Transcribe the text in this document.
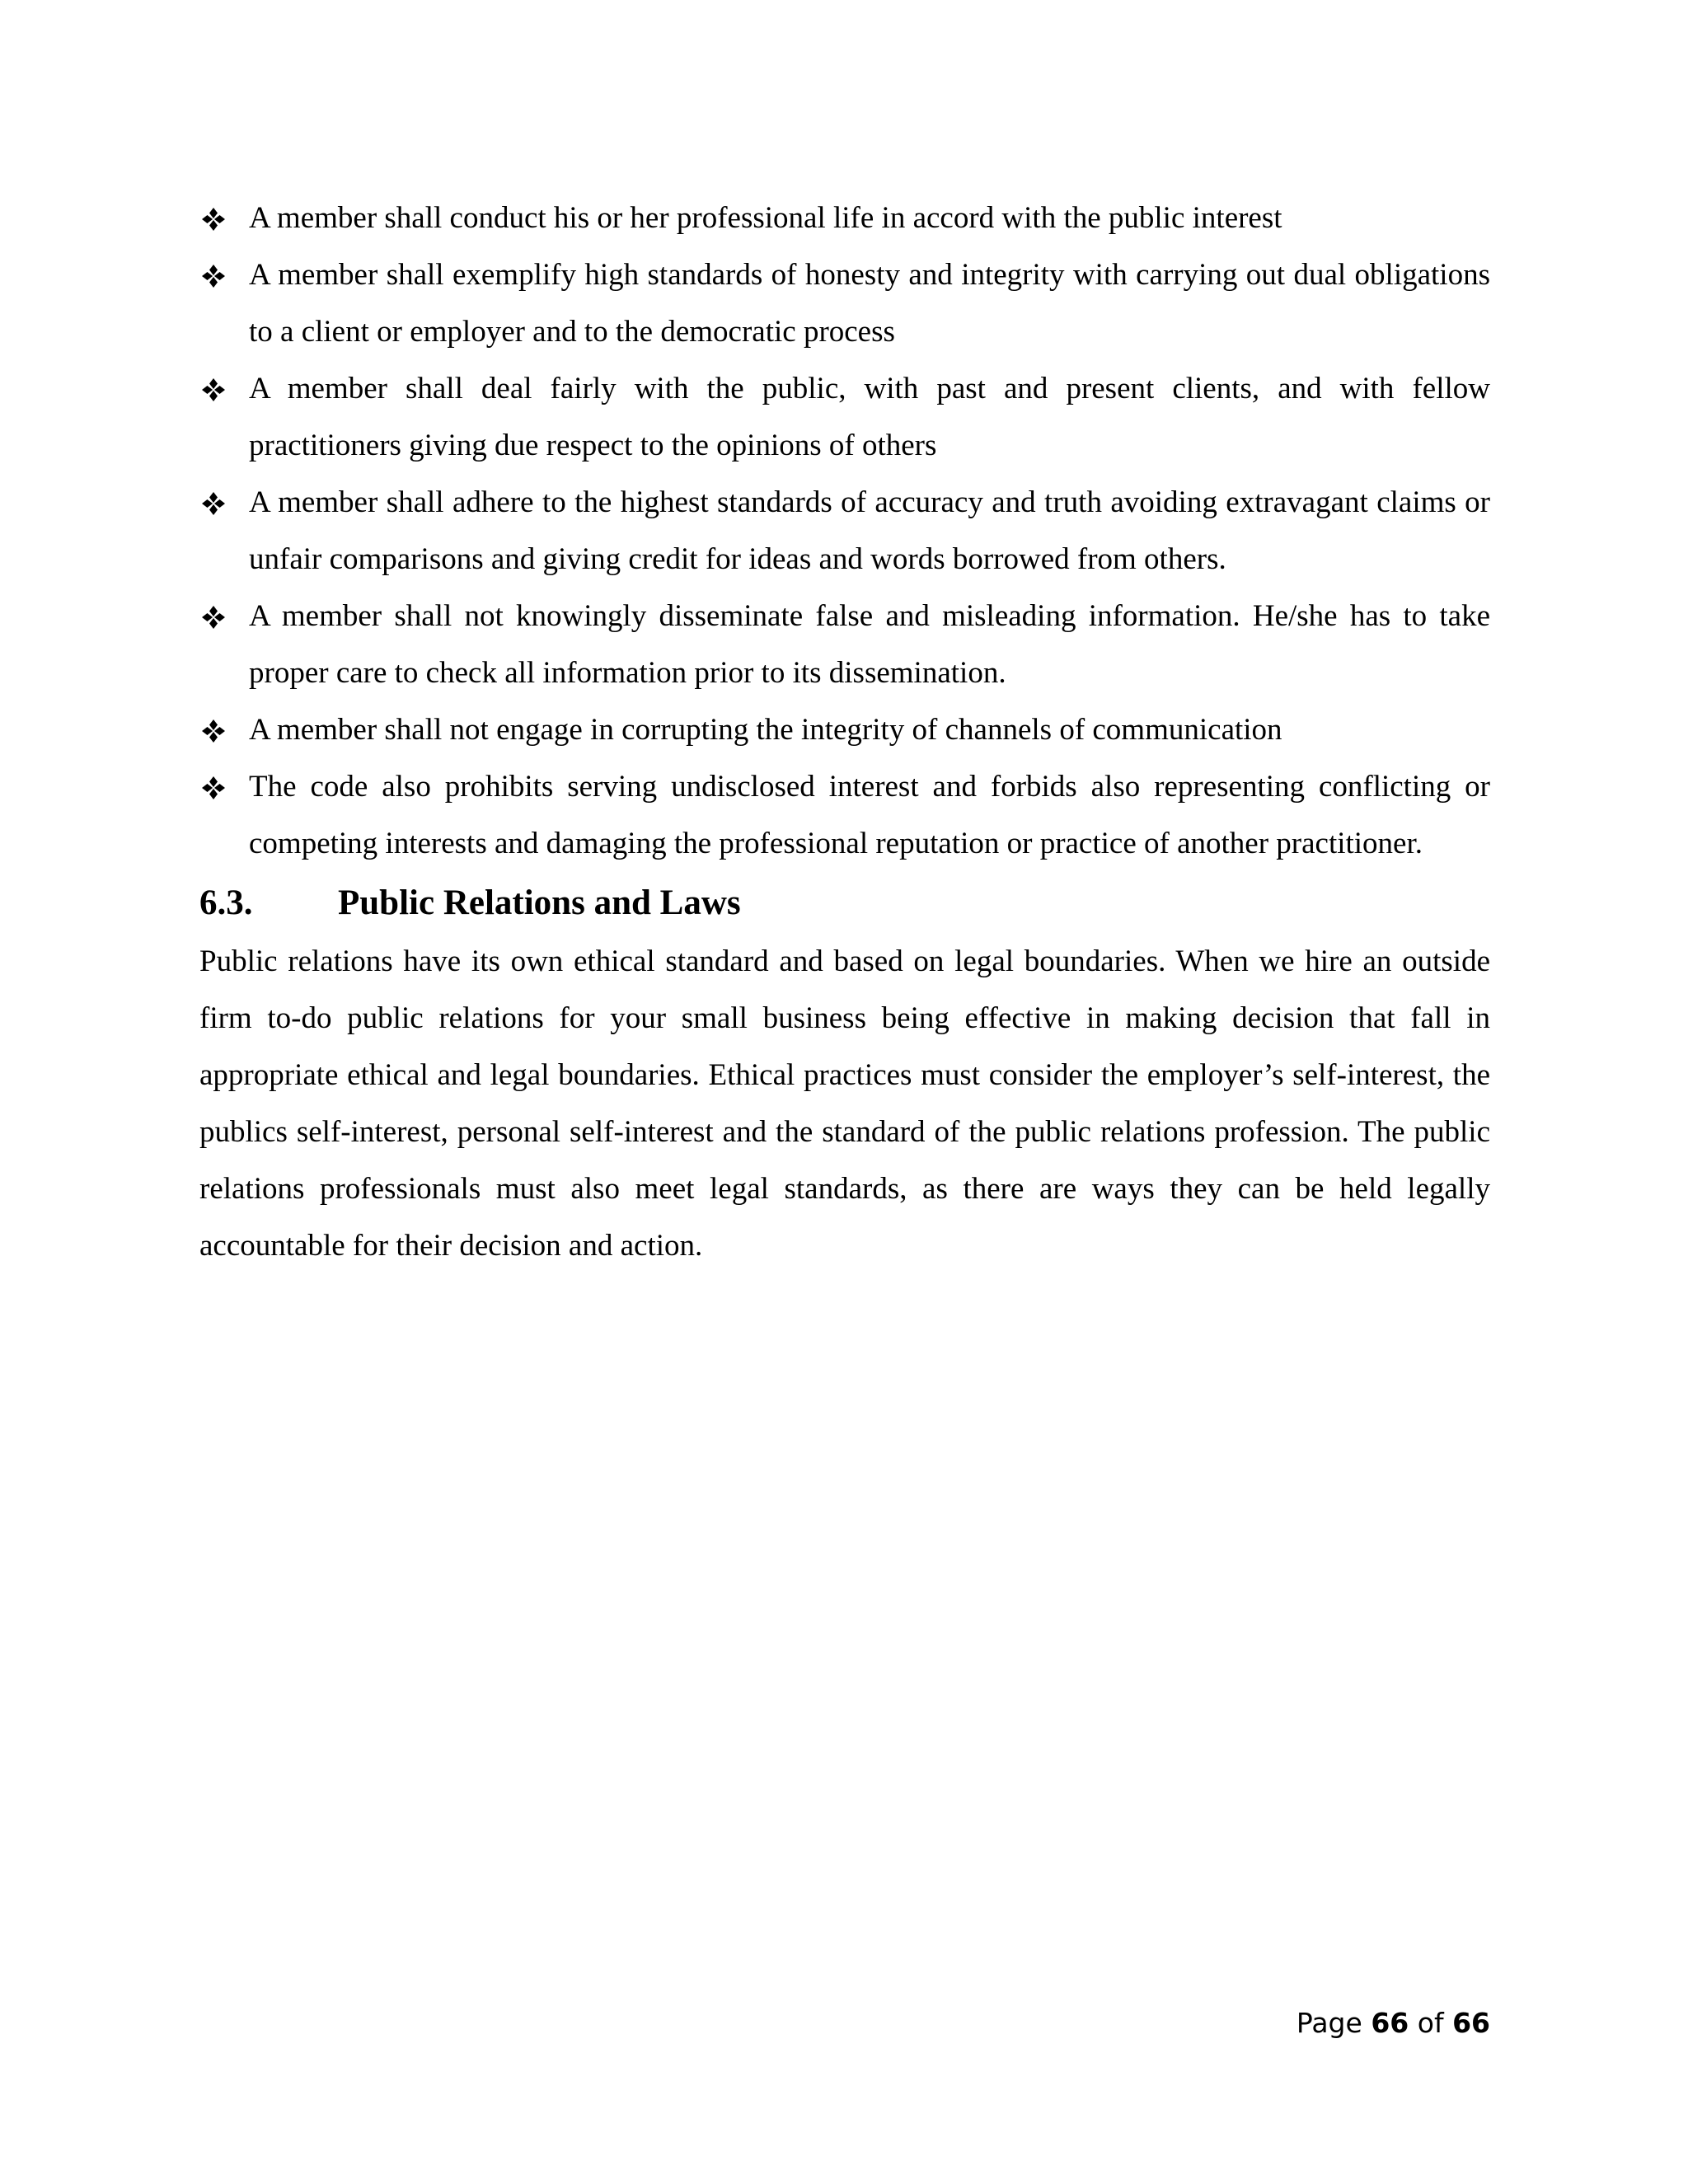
A member shall conduct his or her professional life in accord with the public interest
A member shall exemplify high standards of honesty and integrity with carrying out dual obligations to a client or employer and to the democratic process
A member shall deal fairly with the public, with past and present clients, and with fellow practitioners giving due respect to the opinions of others
A member shall adhere to the highest standards of accuracy and truth avoiding extravagant claims or unfair comparisons and giving credit for ideas and words borrowed from others.
A member shall not knowingly disseminate false and misleading information. He/she has to take proper care to check all information prior to its dissemination.
A member shall not engage in corrupting the integrity of channels of communication
The code also prohibits serving undisclosed interest and forbids also representing conflicting or competing interests and damaging the professional reputation or practice of another practitioner.
6.3.	Public Relations and Laws

Public relations have its own ethical standard and based on legal boundaries. When we hire an outside firm to-do public relations for your small business being effective in making decision that fall in appropriate ethical and legal boundaries. Ethical practices must consider the employer’s self-interest, the publics self-interest, personal self-interest and the standard of the public relations profession. The public relations professionals must also meet legal standards, as there are ways they can be held legally accountable for their decision and action.

Page 66 of 66
